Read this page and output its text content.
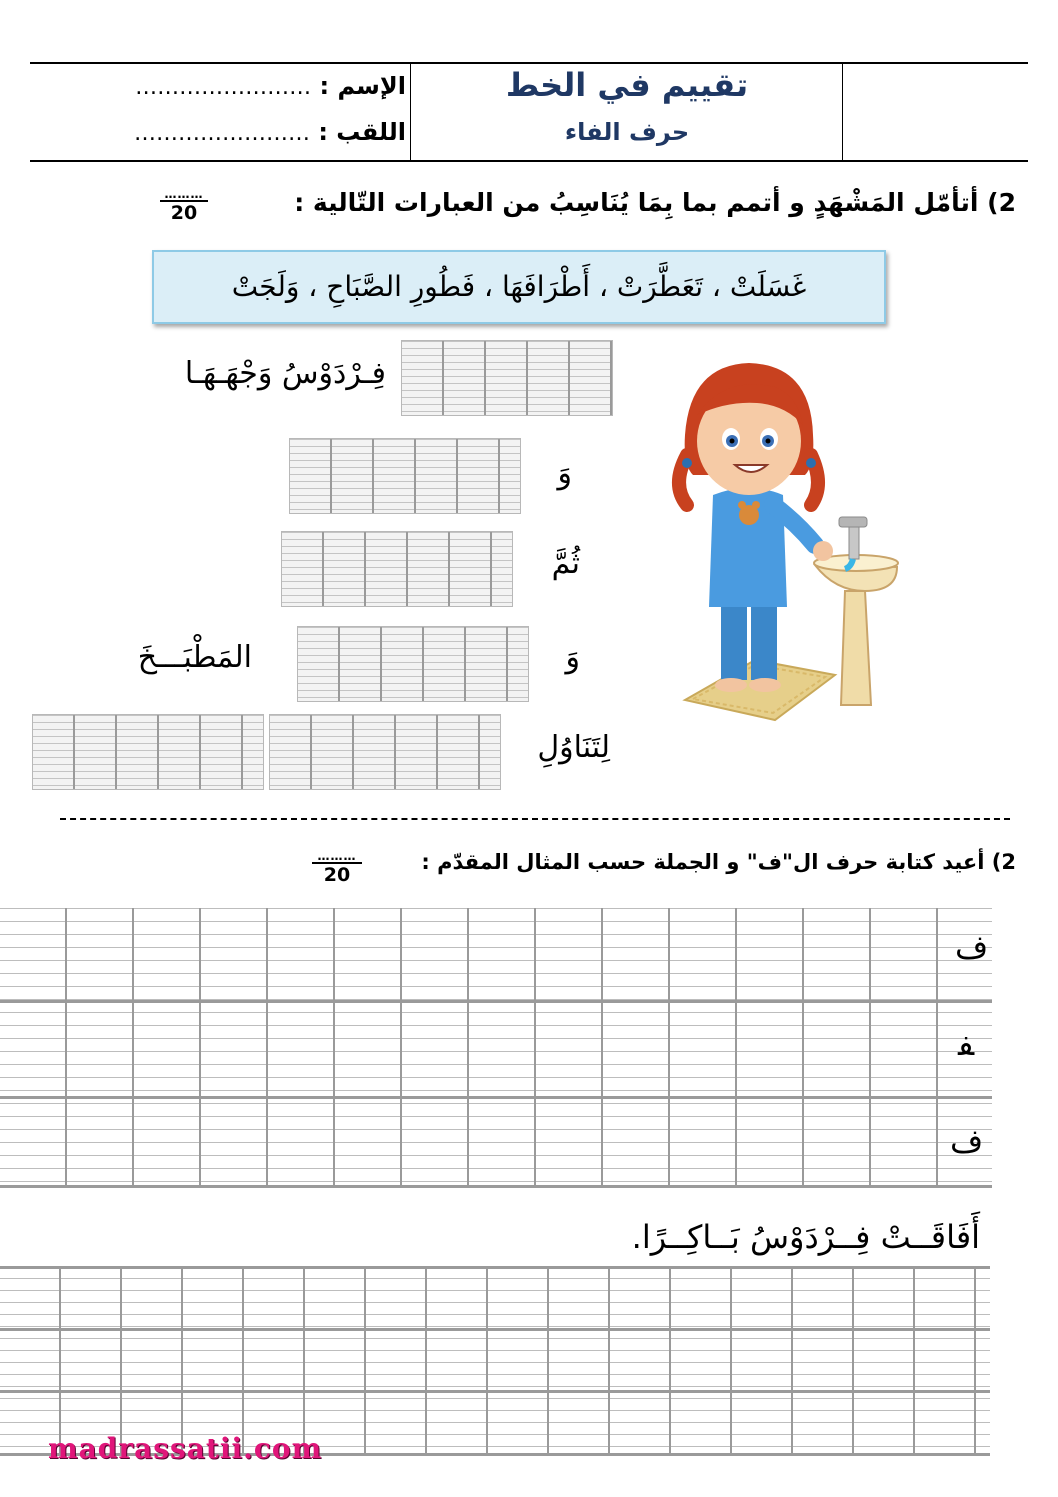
تقييم في الخط
حرف الفاء
الإسم : ……………………
اللقب : ……………………
2) أتأمّل المَشْهَدٍ و أتمم بما بِمَا يُنَاسِبُ من العبارات التّالية :
………
20
غَسَلَتْ ، تَعَطَّرَتْ ، أَطْرَافَهَا ، فَطُورِ الصَّبَاحِ ، وَلَجَتْ
فِـرْدَوْسُ وَجْهَـهَـا
وَ
ثُمَّ
وَ
المَطْبَـــخَ
لِتَنَاوُلِ
2) أعيد كتابة حرف ال"ف" و الجملة حسب المثال المقدّم :
………
20
ف
ﻔ
ف
أَفَاقَــتْ فِــرْدَوْسُ بَــاكِــرًا.
madrassatii.com
